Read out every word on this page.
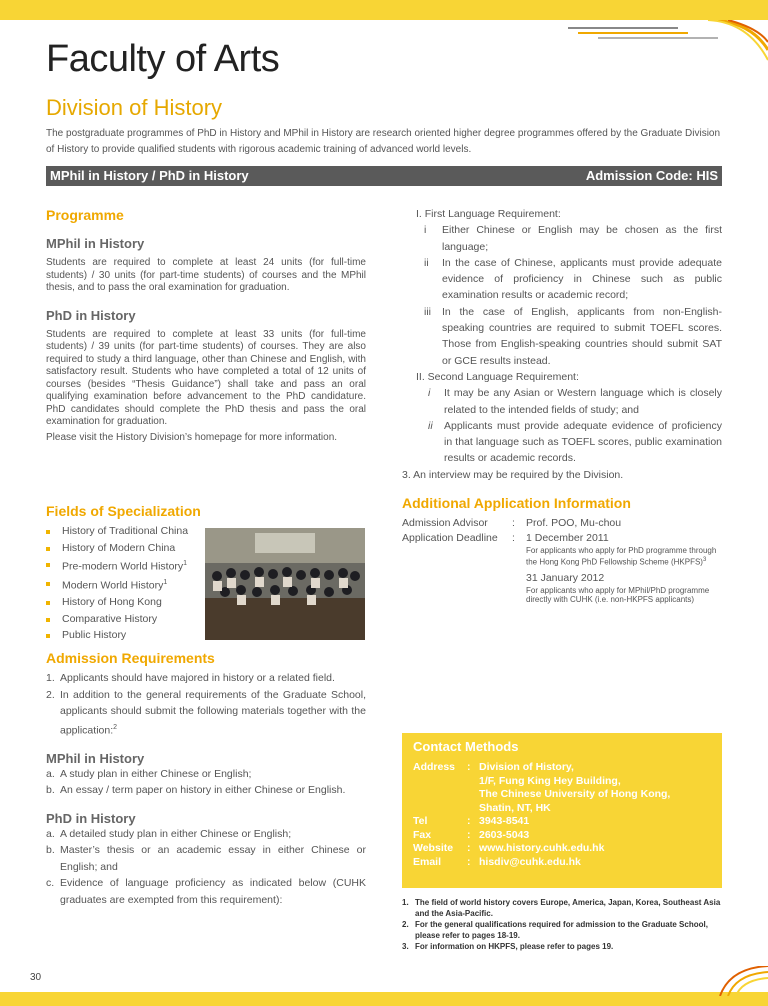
Faculty of Arts
Division of History

The postgraduate programmes of PhD in History and MPhil in History are research oriented higher degree programmes offered by the Graduate Division of History to provide qualified students with rigorous academic training of advanced world levels.

MPhil in History / PhD in History	Admission Code: HIS
Programme
MPhil in History

Students are required to complete at least 24 units (for full-time students) / 30 units (for part-time students) of courses and the MPhil thesis, and to pass the oral examination for graduation.

PhD in History

Students are required to complete at least 33 units (for full-time students) / 39 units (for part-time students) of courses. They are also required to study a third language, other than Chinese and English, with satisfactory result. Students who have completed a total of 12 units of courses (besides “Thesis Guidance”) shall take and pass an oral qualifying examination before advancement to the PhD candidature. PhD candidates should complete the PhD thesis and pass the oral examination for graduation.

Please visit the History Division’s homepage for more information.

Fields of Specialization
History of Traditional China
History of Modern China
Pre-modern World History$^1$
Modern World History$^1$
History of Hong Kong
Comparative History
Public History
Admission Requirements
1. Applicants should have majored in history or a related field.
2. In addition to the general requirements of the Graduate School, applicants should submit the following materials together with the application:$^2$
MPhil in History
a. A study plan in either Chinese or English;
b. An essay / term paper on history in either Chinese or English.
PhD in History
a. A detailed study plan in either Chinese or English;
b. Master’s thesis or an academic essay in either Chinese or English; and
c. Evidence of language proficiency as indicated below (CUHK graduates are exempted from this requirement):
I. First Language Requirement:
i	Either Chinese or English may be chosen as the first language;
ii	In the case of Chinese, applicants must provide adequate evidence of proficiency in Chinese such as public examination results or academic record;
iii	In the case of English, applicants from non-English-speaking countries are required to submit TOEFL scores. Those from English-speaking countries should submit SAT or GCE results instead.
II. Second Language Requirement:
i	It may be any Asian or Western language which is closely related to the intended fields of study; and
ii	Applicants must provide adequate evidence of proficiency in that language such as TOEFL scores, public examination results or academic records.
3. An interview may be required by the Division.
Additional Application Information
Admission Advisor	:	Prof. POO, Mu-chou
Application Deadline	:	1 December 2011
For applicants who apply for PhD programme through the Hong Kong PhD Fellowship Scheme (HKPFS)$^3$
31 January 2012
For applicants who apply for MPhil/PhD programme directly with CUHK (i.e. non-HKPFS applicants)
Contact Methods
Address : Division of History,
1/F, Fung King Hey Building,
The Chinese University of Hong Kong,
Shatin, NT, HK
Tel	: 3943-8541
Fax	: 2603-5043
Website : www.history.cuhk.edu.hk
Email : hisdiv@cuhk.edu.hk
1. The field of world history covers Europe, America, Japan, Korea, Southeast Asia and the Asia-Pacific.
2. For the general qualifications required for admission to the Graduate School, please refer to pages 18-19.
3. For information on HKPFS, please refer to pages 19.
30
